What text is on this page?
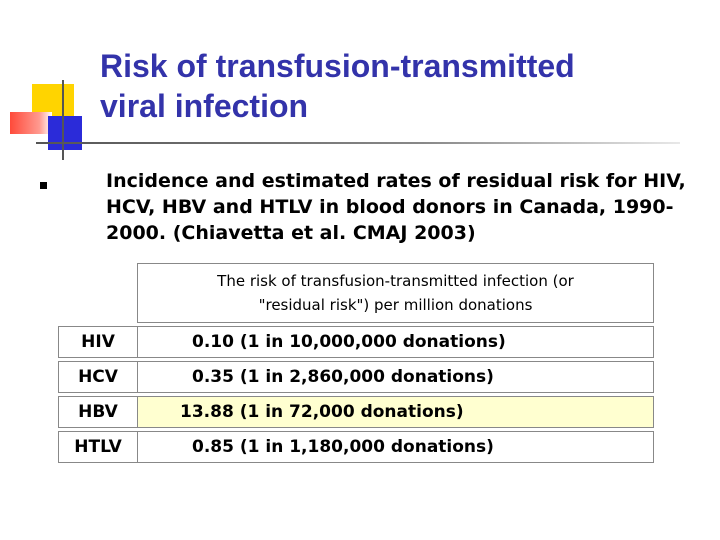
Risk of transfusion-transmitted
viral infection
Incidence and estimated rates of residual risk for HIV, HCV, HBV and HTLV in blood donors in Canada, 1990-2000. (Chiavetta et al. CMAJ 2003)
The risk of transfusion-transmitted infection (or
"residual risk") per million donations
HIV	0.10 (1 in 10,000,000 donations)
HCV	0.35 (1 in 2,860,000 donations)
HBV	13.88 (1 in 72,000 donations)
HTLV	0.85 (1 in 1,180,000 donations)
